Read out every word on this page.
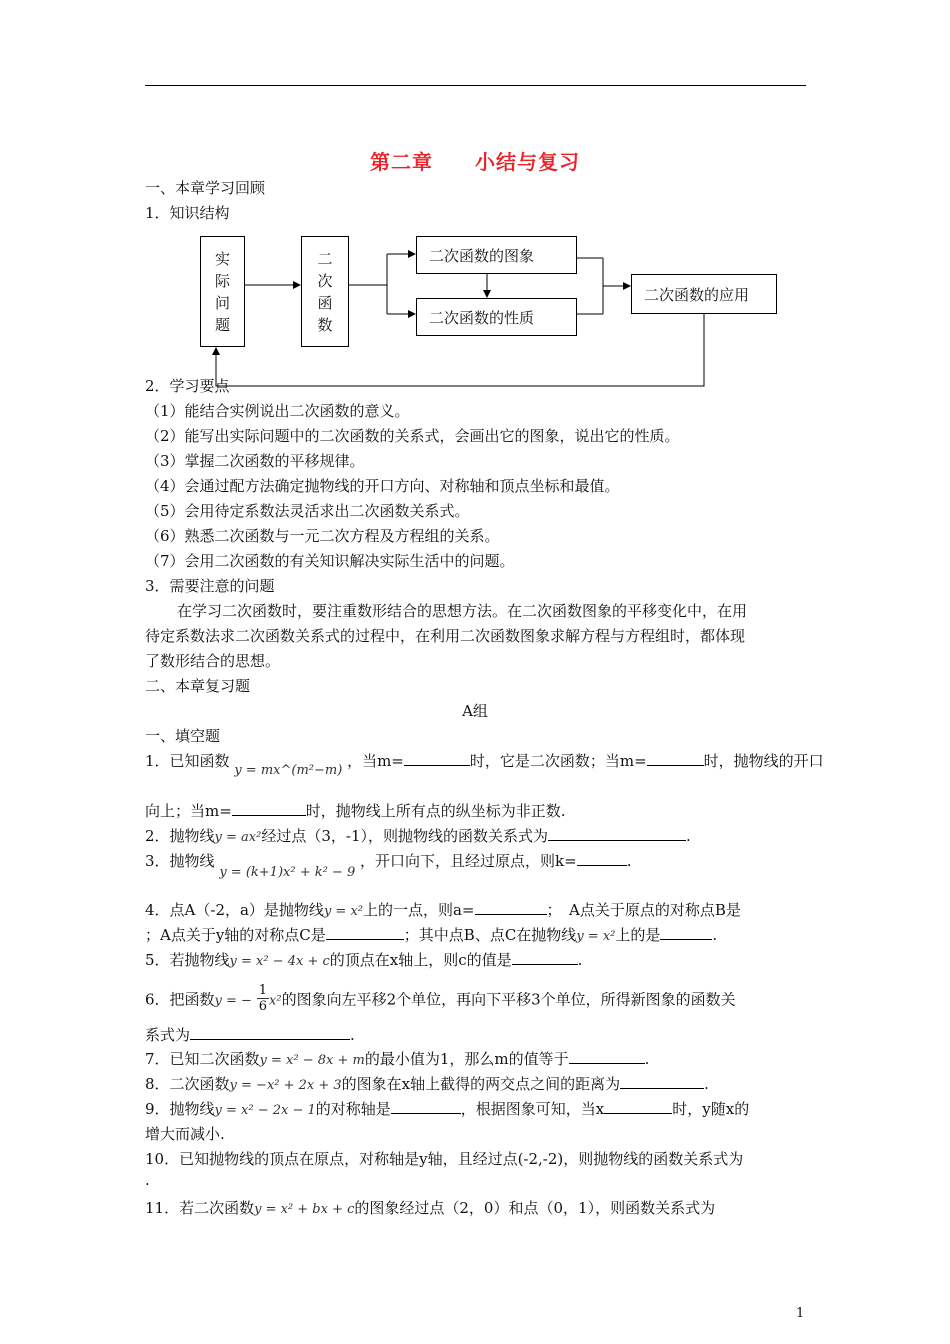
第二章　　小结与复习
一、本章学习回顾
1．知识结构
实
际
问
题
二
次
函
数
二次函数的图象
二次函数的性质
二次函数的应用
2．学习要点
（1）能结合实例说出二次函数的意义。
（2）能写出实际问题中的二次函数的关系式，会画出它的图象，说出它的性质。
（3）掌握二次函数的平移规律。
（4）会通过配方法确定抛物线的开口方向、对称轴和顶点坐标和最值。
（5）会用待定系数法灵活求出二次函数关系式。
（6）熟悉二次函数与一元二次方程及方程组的关系。
（7）会用二次函数的有关知识解决实际生活中的问题。
3．需要注意的问题
在学习二次函数时，要注重数形结合的思想方法。在二次函数图象的平移变化中，在用
待定系数法求二次函数关系式的过程中，在利用二次函数图象求解方程与方程组时，都体现
了数形结合的思想。
二、本章复习题
A组
一、填空题
1．已知函数 y = mx^(m²−m) ，当m=	时，它是二次函数；当m=	时，抛物线的开口
向上；当m=	时，抛物线上所有点的纵坐标为非正数.
2．抛物线y = ax²经过点（3，-1），则抛物线的函数关系式为	.
3．抛物线 y = (k+1)x² + k² − 9 ，开口向下，且经过原点，则k=	.
4．点A（-2，a）是抛物线y = x²上的一点，则a=	；　A点关于原点的对称点B是
；A点关于y轴的对称点C是	；其中点B、点C在抛物线y = x²上的是	.
5．若抛物线y = x² − 4x + c的顶点在x轴上，则c的值是	.
6．把函数y = − $\frac{1}{6} x^2$的图象向左平移2个单位，再向下平移3个单位，所得新图象的函数关
系式为	.
7．已知二次函数y = x² − 8x + m的最小值为1，那么m的值等于	.
8．二次函数y = −x² + 2x + 3的图象在x轴上截得的两交点之间的距离为	.
9．抛物线y = x² − 2x − 1的对称轴是	，根据图象可知，当x	时，y随x的
增大而减小.
10．已知抛物线的顶点在原点，对称轴是y轴，且经过点(-2,-2)，则抛物线的函数关系式为
.
11．若二次函数y = x² + bx + c的图象经过点（2，0）和点（0，1），则函数关系式为
1
